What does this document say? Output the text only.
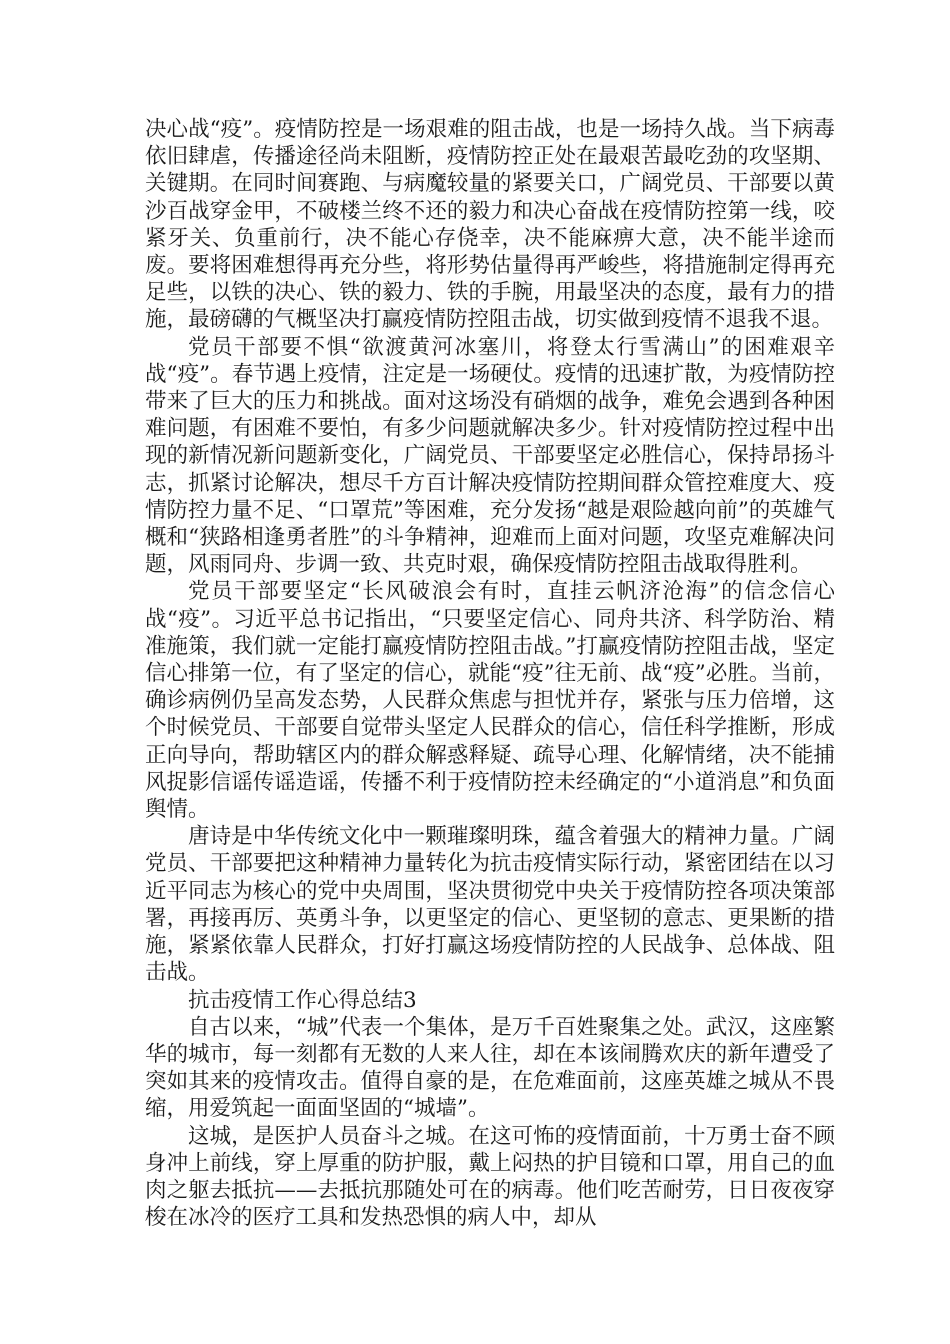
决心战“疫”。疫情防控是一场艰难的阻击战，也是一场持久战。当下病毒依旧肆虐，传播途径尚未阻断，疫情防控正处在最艰苦最吃劲的攻坚期、关键期。在同时间赛跑、与病魔较量的紧要关口，广阔党员、干部要以黄沙百战穿金甲，不破楼兰终不还的毅力和决心奋战在疫情防控第一线，咬紧牙关、负重前行，决不能心存侥幸，决不能麻痹大意，决不能半途而废。要将困难想得再充分些，将形势估量得再严峻些，将措施制定得再充足些，以铁的决心、铁的毅力、铁的手腕，用最坚决的态度，最有力的措施，最磅礴的气概坚决打赢疫情防控阻击战，切实做到疫情不退我不退。

党员干部要不惧“欲渡黄河冰塞川，将登太行雪满山”的困难艰辛战“疫”。春节遇上疫情，注定是一场硬仗。疫情的迅速扩散，为疫情防控带来了巨大的压力和挑战。面对这场没有硝烟的战争，难免会遇到各种困难问题，有困难不要怕，有多少问题就解决多少。针对疫情防控过程中出现的新情况新问题新变化，广阔党员、干部要坚定必胜信心，保持昂扬斗志，抓紧讨论解决，想尽千方百计解决疫情防控期间群众管控难度大、疫情防控力量不足、“口罩荒”等困难，充分发扬“越是艰险越向前”的英雄气概和“狭路相逢勇者胜”的斗争精神，迎难而上面对问题，攻坚克难解决问题，风雨同舟、步调一致、共克时艰，确保疫情防控阻击战取得胜利。

党员干部要坚定“长风破浪会有时，直挂云帆济沧海”的信念信心战“疫”。习近平总书记指出，“只要坚定信心、同舟共济、科学防治、精准施策，我们就一定能打赢疫情防控阻击战。”打赢疫情防控阻击战，坚定信心排第一位，有了坚定的信心，就能“疫”往无前、战“疫”必胜。当前，确诊病例仍呈高发态势，人民群众焦虑与担忧并存，紧张与压力倍增，这个时候党员、干部要自觉带头坚定人民群众的信心，信任科学推断，形成正向导向，帮助辖区内的群众解惑释疑、疏导心理、化解情绪，决不能捕风捉影信谣传谣造谣，传播不利于疫情防控未经确定的“小道消息”和负面舆情。

唐诗是中华传统文化中一颗璀璨明珠，蕴含着强大的精神力量。广阔党员、干部要把这种精神力量转化为抗击疫情实际行动，紧密团结在以习近平同志为核心的党中央周围，坚决贯彻党中央关于疫情防控各项决策部署，再接再厉、英勇斗争，以更坚定的信心、更坚韧的意志、更果断的措施，紧紧依靠人民群众，打好打赢这场疫情防控的人民战争、总体战、阻击战。

抗击疫情工作心得总结3

自古以来，“城”代表一个集体，是万千百姓聚集之处。武汉，这座繁华的城市，每一刻都有无数的人来人往，却在本该闹腾欢庆的新年遭受了突如其来的疫情攻击。值得自豪的是，在危难面前，这座英雄之城从不畏缩，用爱筑起一面面坚固的“城墙”。

这城，是医护人员奋斗之城。在这可怖的疫情面前，十万勇士奋不顾身冲上前线，穿上厚重的防护服，戴上闷热的护目镜和口罩，用自己的血肉之躯去抵抗——去抵抗那随处可在的病毒。他们吃苦耐劳，日日夜夜穿梭在冰冷的医疗工具和发热恐惧的病人中，却从
